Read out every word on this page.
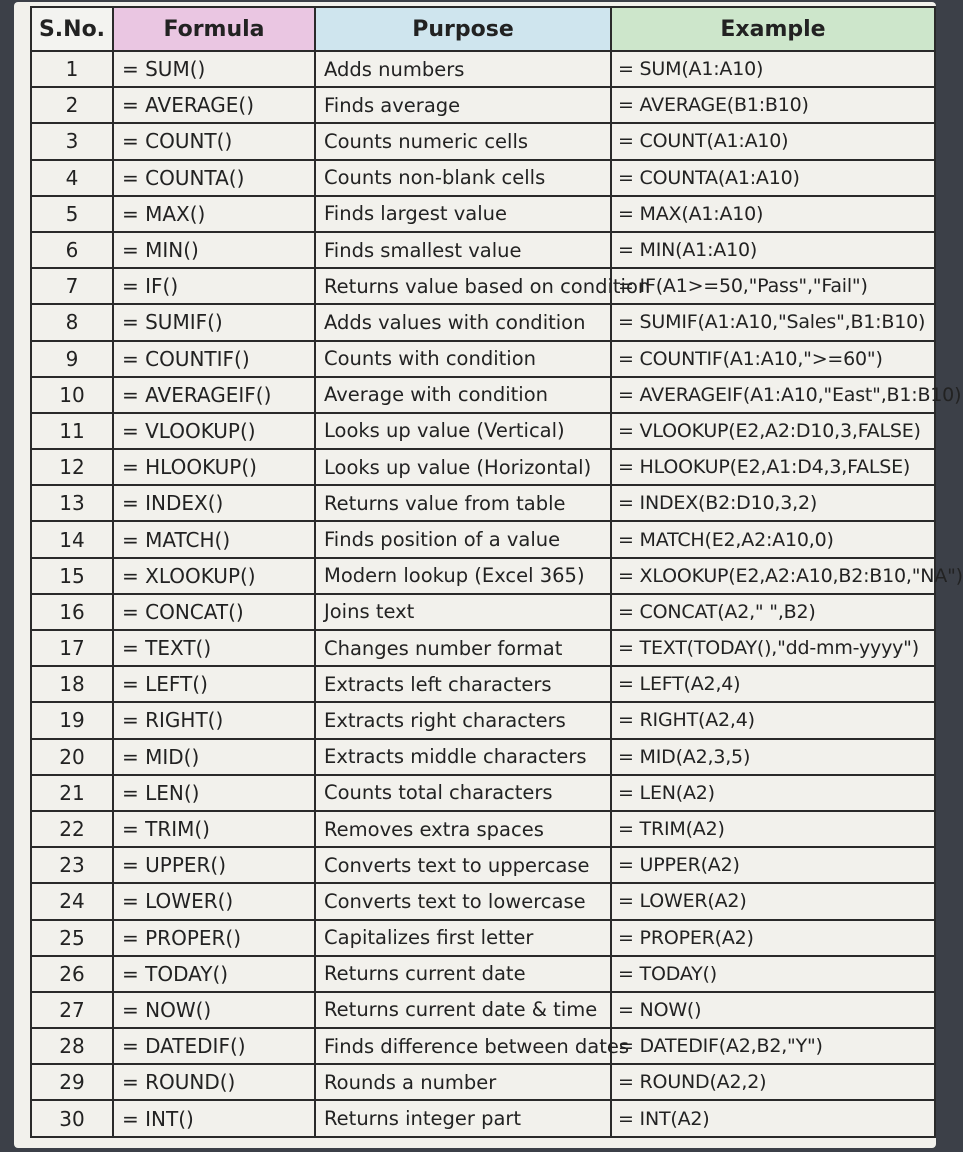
S.No.	Formula	Purpose	Example
1	= SUM()	Adds numbers	= SUM(A1:A10)
2	= AVERAGE()	Finds average	= AVERAGE(B1:B10)
3	= COUNT()	Counts numeric cells	= COUNT(A1:A10)
4	= COUNTA()	Counts non-blank cells	= COUNTA(A1:A10)
5	= MAX()	Finds largest value	= MAX(A1:A10)
6	= MIN()	Finds smallest value	= MIN(A1:A10)
7	= IF()	Returns value based on condition	= IF(A1>=50,"Pass","Fail")
8	= SUMIF()	Adds values with condition	= SUMIF(A1:A10,"Sales",B1:B10)
9	= COUNTIF()	Counts with condition	= COUNTIF(A1:A10,">=60")
10	= AVERAGEIF()	Average with condition	= AVERAGEIF(A1:A10,"East",B1:B10)
11	= VLOOKUP()	Looks up value (Vertical)	= VLOOKUP(E2,A2:D10,3,FALSE)
12	= HLOOKUP()	Looks up value (Horizontal)	= HLOOKUP(E2,A1:D4,3,FALSE)
13	= INDEX()	Returns value from table	= INDEX(B2:D10,3,2)
14	= MATCH()	Finds position of a value	= MATCH(E2,A2:A10,0)
15	= XLOOKUP()	Modern lookup (Excel 365)	= XLOOKUP(E2,A2:A10,B2:B10,"NA")
16	= CONCAT()	Joins text	= CONCAT(A2," ",B2)
17	= TEXT()	Changes number format	= TEXT(TODAY(),"dd-mm-yyyy")
18	= LEFT()	Extracts left characters	= LEFT(A2,4)
19	= RIGHT()	Extracts right characters	= RIGHT(A2,4)
20	= MID()	Extracts middle characters	= MID(A2,3,5)
21	= LEN()	Counts total characters	= LEN(A2)
22	= TRIM()	Removes extra spaces	= TRIM(A2)
23	= UPPER()	Converts text to uppercase	= UPPER(A2)
24	= LOWER()	Converts text to lowercase	= LOWER(A2)
25	= PROPER()	Capitalizes first letter	= PROPER(A2)
26	= TODAY()	Returns current date	= TODAY()
27	= NOW()	Returns current date & time	= NOW()
28	= DATEDIF()	Finds difference between dates	= DATEDIF(A2,B2,"Y")
29	= ROUND()	Rounds a number	= ROUND(A2,2)
30	= INT()	Returns integer part	= INT(A2)
